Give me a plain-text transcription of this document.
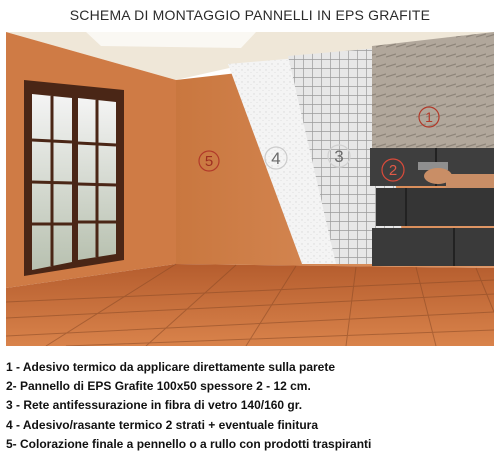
SCHEMA DI MONTAGGIO PANNELLI IN EPS GRAFITE
1
2
3
4
5
1 - Adesivo termico da applicare direttamente sulla parete
2- Pannello di EPS Grafite 100x50 spessore 2 - 12 cm.
3 - Rete antifessurazione in fibra di vetro 140/160 gr.
4 - Adesivo/rasante termico 2 strati + eventuale finitura
5- Colorazione finale a pennello o a rullo con prodotti traspiranti
